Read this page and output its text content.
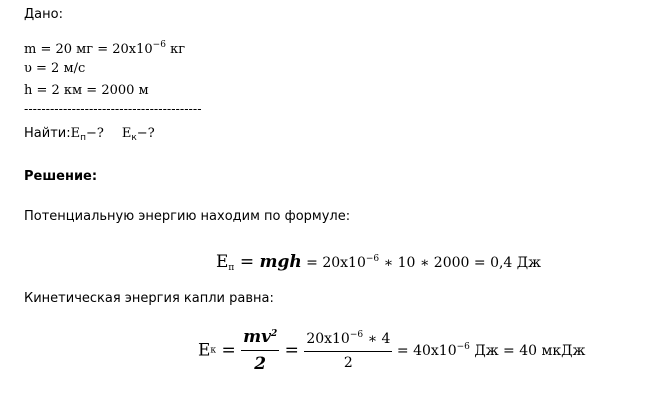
Дано:
m = 20 мг = $20x10^{-6}$ кг
υ = 2 м/с
h = 2 км = 2000 м
-----------------------------------------
$Найти:E_п-$? $E_к-$?
Решение:
Потенциальную энергию находим по формуле:
$E_п$ = mgh = $20x10^{-6}$ ∗ 10 ∗ 2000 = 0,4 Дж
Кинетическая энергия капли равна:
Eк = $\frac{mv^2}{2} = \frac{20x10^{-6} ∗ 4}{2} = 40x10^{-6}$ Дж = 40 мкДж
